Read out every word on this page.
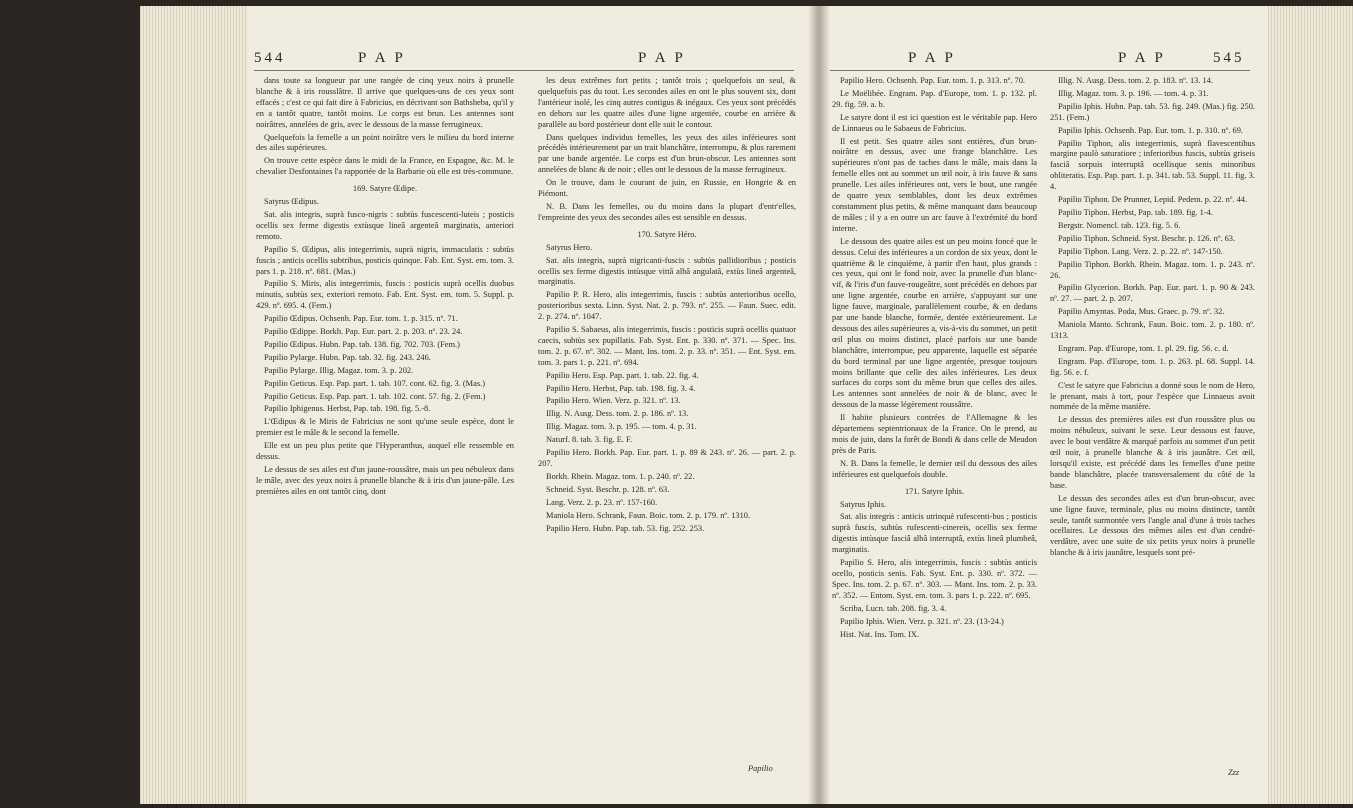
544	P A P	P A P

dans toute sa longueur par une rangée de cinq yeux noirs à prunelle blanche & à iris rousslâtre. Il arrive que quelques-uns de ces yeux sont effacés ; c'est ce qui fait dire à Fabricius, en décrivant son Bathsheba, qu'il y en a tantôt quatre, tantôt moins. Le corps est brun. Les antennes sont noirâtres, annelées de gris, avec le dessous de la masse ferrugineux.

Quelquefois la femelle a un point noirâtre vers le milieu du bord interne des ailes supérieures.

On trouve cette espèce dans le midi de la France, en Espagne, &c. M. le chevalier Desfontaines l'a rapportée de la Barbarie où elle est très-commune.

169. Satyre Œdipe.

Satyrus Œdipus.

Sat. alis integris, suprà fusco-nigris : subtùs fuscescenti-luteis ; posticis ocellis sex ferme digestis extùsque lineâ argenteâ marginatis, anteriori remoto.

Papilio S. Œdipus, alis integerrimis, suprà nigris, immaculatis : subtùs fuscis ; anticis ocellis subtribus, posticis quinque. Fab. Ent. Syst. em. tom. 3. pars 1. p. 218. nº. 681. (Mas.)

Papilio S. Miris, alis integerrimis, fuscis : posticis suprà ocellis duobus minutis, subtùs sex, exteriori remoto. Fab. Ent. Syst. em. tom. 5. Suppl. p. 429. nº. 695. 4. (Fem.)

Papilio Œdipus. Ochsenh. Pap. Eur. tom. 1. p. 315. nº. 71.

Papilio Œdippe. Borkh. Pap. Eur. part. 2. p. 203. nº. 23. 24.

Papilio Œdipus. Hubn. Pap. tab. 138. fig. 702. 703. (Fem.)

Papilio Pylarge. Hubn. Pap. tab. 32. fig. 243. 246.

Papilio Pylarge. Illig. Magaz. tom. 3. p. 202.

Papilio Geticus. Esp. Pap. part. 1. tab. 107. cont. 62. fig. 3. (Mas.)

Papilio Geticus. Esp. Pap. part. 1. tab. 102. cont. 57. fig. 2. (Fem.)

Papilio Iphigenus. Herbst, Pap. tab. 198. fig. 5.-8.

L'Œdipus & le Miris de Fabricius ne sont qu'une seule espèce, dont le premier est le mâle & le second la femelle.

Elle est un peu plus petite que l'Hyperanthus, auquel elle ressemble en dessus.

Le dessus de ses ailes est d'un jaune-roussâtre, mais un peu nébuleux dans le mâle, avec des yeux noirs à prunelle blanche & à iris d'un jaune-pâle. Les premières ailes en ont tantôt cinq, dont

les deux extrêmes fort petits ; tantôt trois ; quelquefois un seul, & quelquefois pas du tout. Les secondes ailes en ont le plus souvent six, dont l'antérieur isolé, les cinq autres contigus & inégaux. Ces yeux sont précédés en dehors sur les quatre ailes d'une ligne argentée, courbe en arrière & parallèle au bord postérieur dont elle suit le contour.

Dans quelques individus femelles, les yeux des ailes inférieures sont précédés intérieurement par un trait blanchâtre, interrompu, & plus rarement par une bande argentée. Le corps est d'un brun-obscur. Les antennes sont annelées de blanc & de noir ; elles ont le dessous de la masse ferrugineux.

On le trouve, dans le courant de juin, en Russie, en Hongrie & en Piémont.

N. B. Dans les femelles, ou du moins dans la plupart d'entr'elles, l'empreinte des yeux des secondes ailes est sensible en dessus.

170. Satyre Héro.

Satyrus Hero.

Sat. alis integris, suprà nigricanti-fuscis : subtùs pallidioribus ; posticis ocellis sex ferme digestis intùsque vittâ albâ angulatâ, extùs lineâ argenteâ, marginatis.

Papilio P. R. Hero, alis integerrimis, fuscis : subtùs anterioribus ocello, posterioribus sexta. Linn. Syst. Nat. 2. p. 793. nº. 255. — Faun. Suec. edit. 2. p. 274. nº. 1047.

Papilio S. Sabaeus, alis integerrimis, fuscis : posticis suprà ocellis quatuor caecis, subtùs sex pupillatis. Fab. Syst. Ent. p. 330. nº. 371. — Spec. Ins. tom. 2. p. 67. nº. 302. — Mant. Ins. tom. 2. p. 33. nº. 351. — Ent. Syst. em. tom. 3. pars 1. p. 221. nº. 694.

Papilio Hero. Esp. Pap. part. 1. tab. 22. fig. 4.

Papilio Hero. Herbst, Pap. tab. 198. fig. 3. 4.

Papilio Hero. Wien. Verz. p. 321. nº. 13.

Illig. N. Ausg. Dess. tom. 2. p. 186. nº. 13.

Illig. Magaz. tom. 3. p. 195. — tom. 4. p. 31.

Naturf. 8. tab. 3. fig. E. F.

Papilio Hero. Borkh. Pap. Eur. part. 1. p. 89 & 243. nº. 26. — part. 2. p. 207.

Borkh. Rhein. Magaz. tom. 1. p. 240. nº. 22.

Schneid. Syst. Beschr. p. 128. nº. 63.

Lang. Verz. 2. p. 23. nº. 157-160.

Maniola Hero. Schrank, Faun. Boic. tom. 2. p. 179. nº. 1310.

Papilio Hero. Hubn. Pap. tab. 53. fig. 252. 253.

Papilio
P A P	P A P	545

Papilio Hero. Ochsenh. Pap. Eur. tom. 1. p. 313. nº. 70.

Le Moëlibée. Engram. Pap. d'Europe, tom. 1. p. 132. pl. 29. fig. 59. a. b.

Le satyre dont il est ici question est le véritable pap. Hero de Linnaeus ou le Sabaeus de Fabricius.

Il est petit. Ses quatre ailes sont entières, d'un brun-noirâtre en dessus, avec une frange blanchâtre. Les supérieures n'ont pas de taches dans le mâle, mais dans la femelle elles ont au sommet un œil noir, à iris fauve & sans prunelle. Les ailes inférieures ont, vers le bout, une rangée de quatre yeux semblables, dont les deux extrêmes constamment plus petits, & même manquant dans beaucoup de mâles ; il y a en outre un arc fauve à l'extrémité du bord interne.

Le dessous des quatre ailes est un peu moins foncé que le dessus. Celui des inférieures a un cordon de six yeux, dont le quatrième & le cinquième, à partir d'en haut, plus grands : ces yeux, qui ont le fond noir, avec la prunelle d'un blanc-vif, & l'iris d'un fauve-rougeâtre, sont précédés en dehors par une ligne argentée, courbe en arrière, s'appuyant sur une ligne fauve, marginale, parallèlement courbe, & en dedans par une bande blanche, formée, dentée extérieurement. Le dessous des ailes supérieures a, vis-à-vis du sommet, un petit œil plus ou moins distinct, placé parfois sur une bande blanchâtre, interrompue, peu apparente, laquelle est séparée du bord terminal par une ligne argentée, presque toujours moins brillante que celle des ailes inférieures. Les deux surfaces du corps sont du même brun que celles des ailes. Les antennes sont annelées de noir & de blanc, avec le dessous de la masse légèrement roussâtre.

Il habite plusieurs contrées de l'Allemagne & les départemens septentrionaux de la France. On le prend, au mois de juin, dans la forêt de Bondi & dans celle de Meudon près de Paris.

N. B. Dans la femelle, le dernier œil du dessous des ailes inférieures est quelquefois double.

171. Satyre Iphis.

Satyrus Iphis.

Sat. alis integris : anticis utrinquè rufescenti-bus ; posticis suprà fuscis, subtùs rufescenti-cinereis, ocellis sex ferme digestis intùsque fasciâ albâ interruptâ, extùs lineâ plumbeâ, marginatis.

Papilio S. Hero, alis integerrimis, fuscis : subtùs anticis ocello, posticis senis. Fab. Syst. Ent. p. 330. nº. 372. — Spec. Ins. tom. 2. p. 67. nº. 303. — Mant. Ins. tom. 2. p. 33. nº. 352. — Entom. Syst. em. tom. 3. pars 1. p. 222. nº. 695.

Scriba, Lucn. tab. 208. fig. 3. 4.

Papilio Iphis. Wien. Verz. p. 321. nº. 23. (13-24.)

Hist. Nat. Ins. Tom. IX.

Illig. N. Ausg. Dess. tom. 2. p. 183. nº. 13. 14.

Illig. Magaz. tom. 3. p. 196. — tom. 4. p. 31.

Papilio Iphis. Hubn. Pap. tab. 53. fig. 249. (Mas.) fig. 250. 251. (Fem.)

Papilio Iphis. Ochsenh. Pap. Eur. tom. 1. p. 310. nº. 69.

Papilio Tiphon, alis integerrimis, suprà flavescentibus margine paulò saturatiore ; inferioribus fuscis, subtùs griseis fasciâ sorpuis interruptâ ocellisque senis minoribus obliteratis. Esp. Pap. part. 1. p. 341. tab. 53. Suppl. 11. fig. 3. 4.

Papilio Tiphon. De Prunner, Lepid. Pedem. p. 22. nº. 44.

Papilio Tiphon. Herbst, Pap. tab. 189. fig. 1-4.

Bergstr. Nomencl. tab. 123. fig. 5. 6.

Papilio Tiphon. Schneid. Syst. Beschr. p. 126. nº. 63.

Papilio Tiphon. Lang. Verz. 2. p. 22. nº. 147-150.

Papilio Tiphon. Borkh. Rhein. Magaz. tom. 1. p. 243. nº. 26.

Papilio Glycerion. Borkh. Pap. Eur. part. 1. p. 90 & 243. nº. 27. — part. 2. p. 207.

Papilio Amyntas. Poda, Mus. Graec. p. 79. nº. 32.

Maniola Manto. Schrank, Faun. Boic. tom. 2. p. 180. nº. 1313.

Engram. Pap. d'Europe, tom. 1. pl. 29. fig. 56. c. d.

Engram. Pap. d'Europe, tom. 1. p. 263. pl. 68. Suppl. 14. fig. 56. e. f.

C'est le satyre que Fabricius a donné sous le nom de Hero, le prenant, mais à tort, pour l'espèce que Linnaeus avoit nommée de la même manière.

Le dessus des premières ailes est d'un roussâtre plus ou moins nébuleux, suivant le sexe. Leur dessous est fauve, avec le bout verdâtre & marqué parfois au sommet d'un petit œil noir, à prunelle blanche & à iris jaunâtre. Cet œil, lorsqu'il existe, est précédé dans les femelles d'une petite bande blanchâtre, placée transversalement du côté de la base.

Le dessus des secondes ailes est d'un brun-obscur, avec une ligne fauve, terminale, plus ou moins distincte, tantôt seule, tantôt surmontée vers l'angle anal d'une à trois taches ocellaires. Le dessous des mêmes ailes est d'un cendré-verdâtre, avec une suite de six petits yeux noirs à prunelle blanche & à iris jaunâtre, lesquels sont pré-

Zzz
